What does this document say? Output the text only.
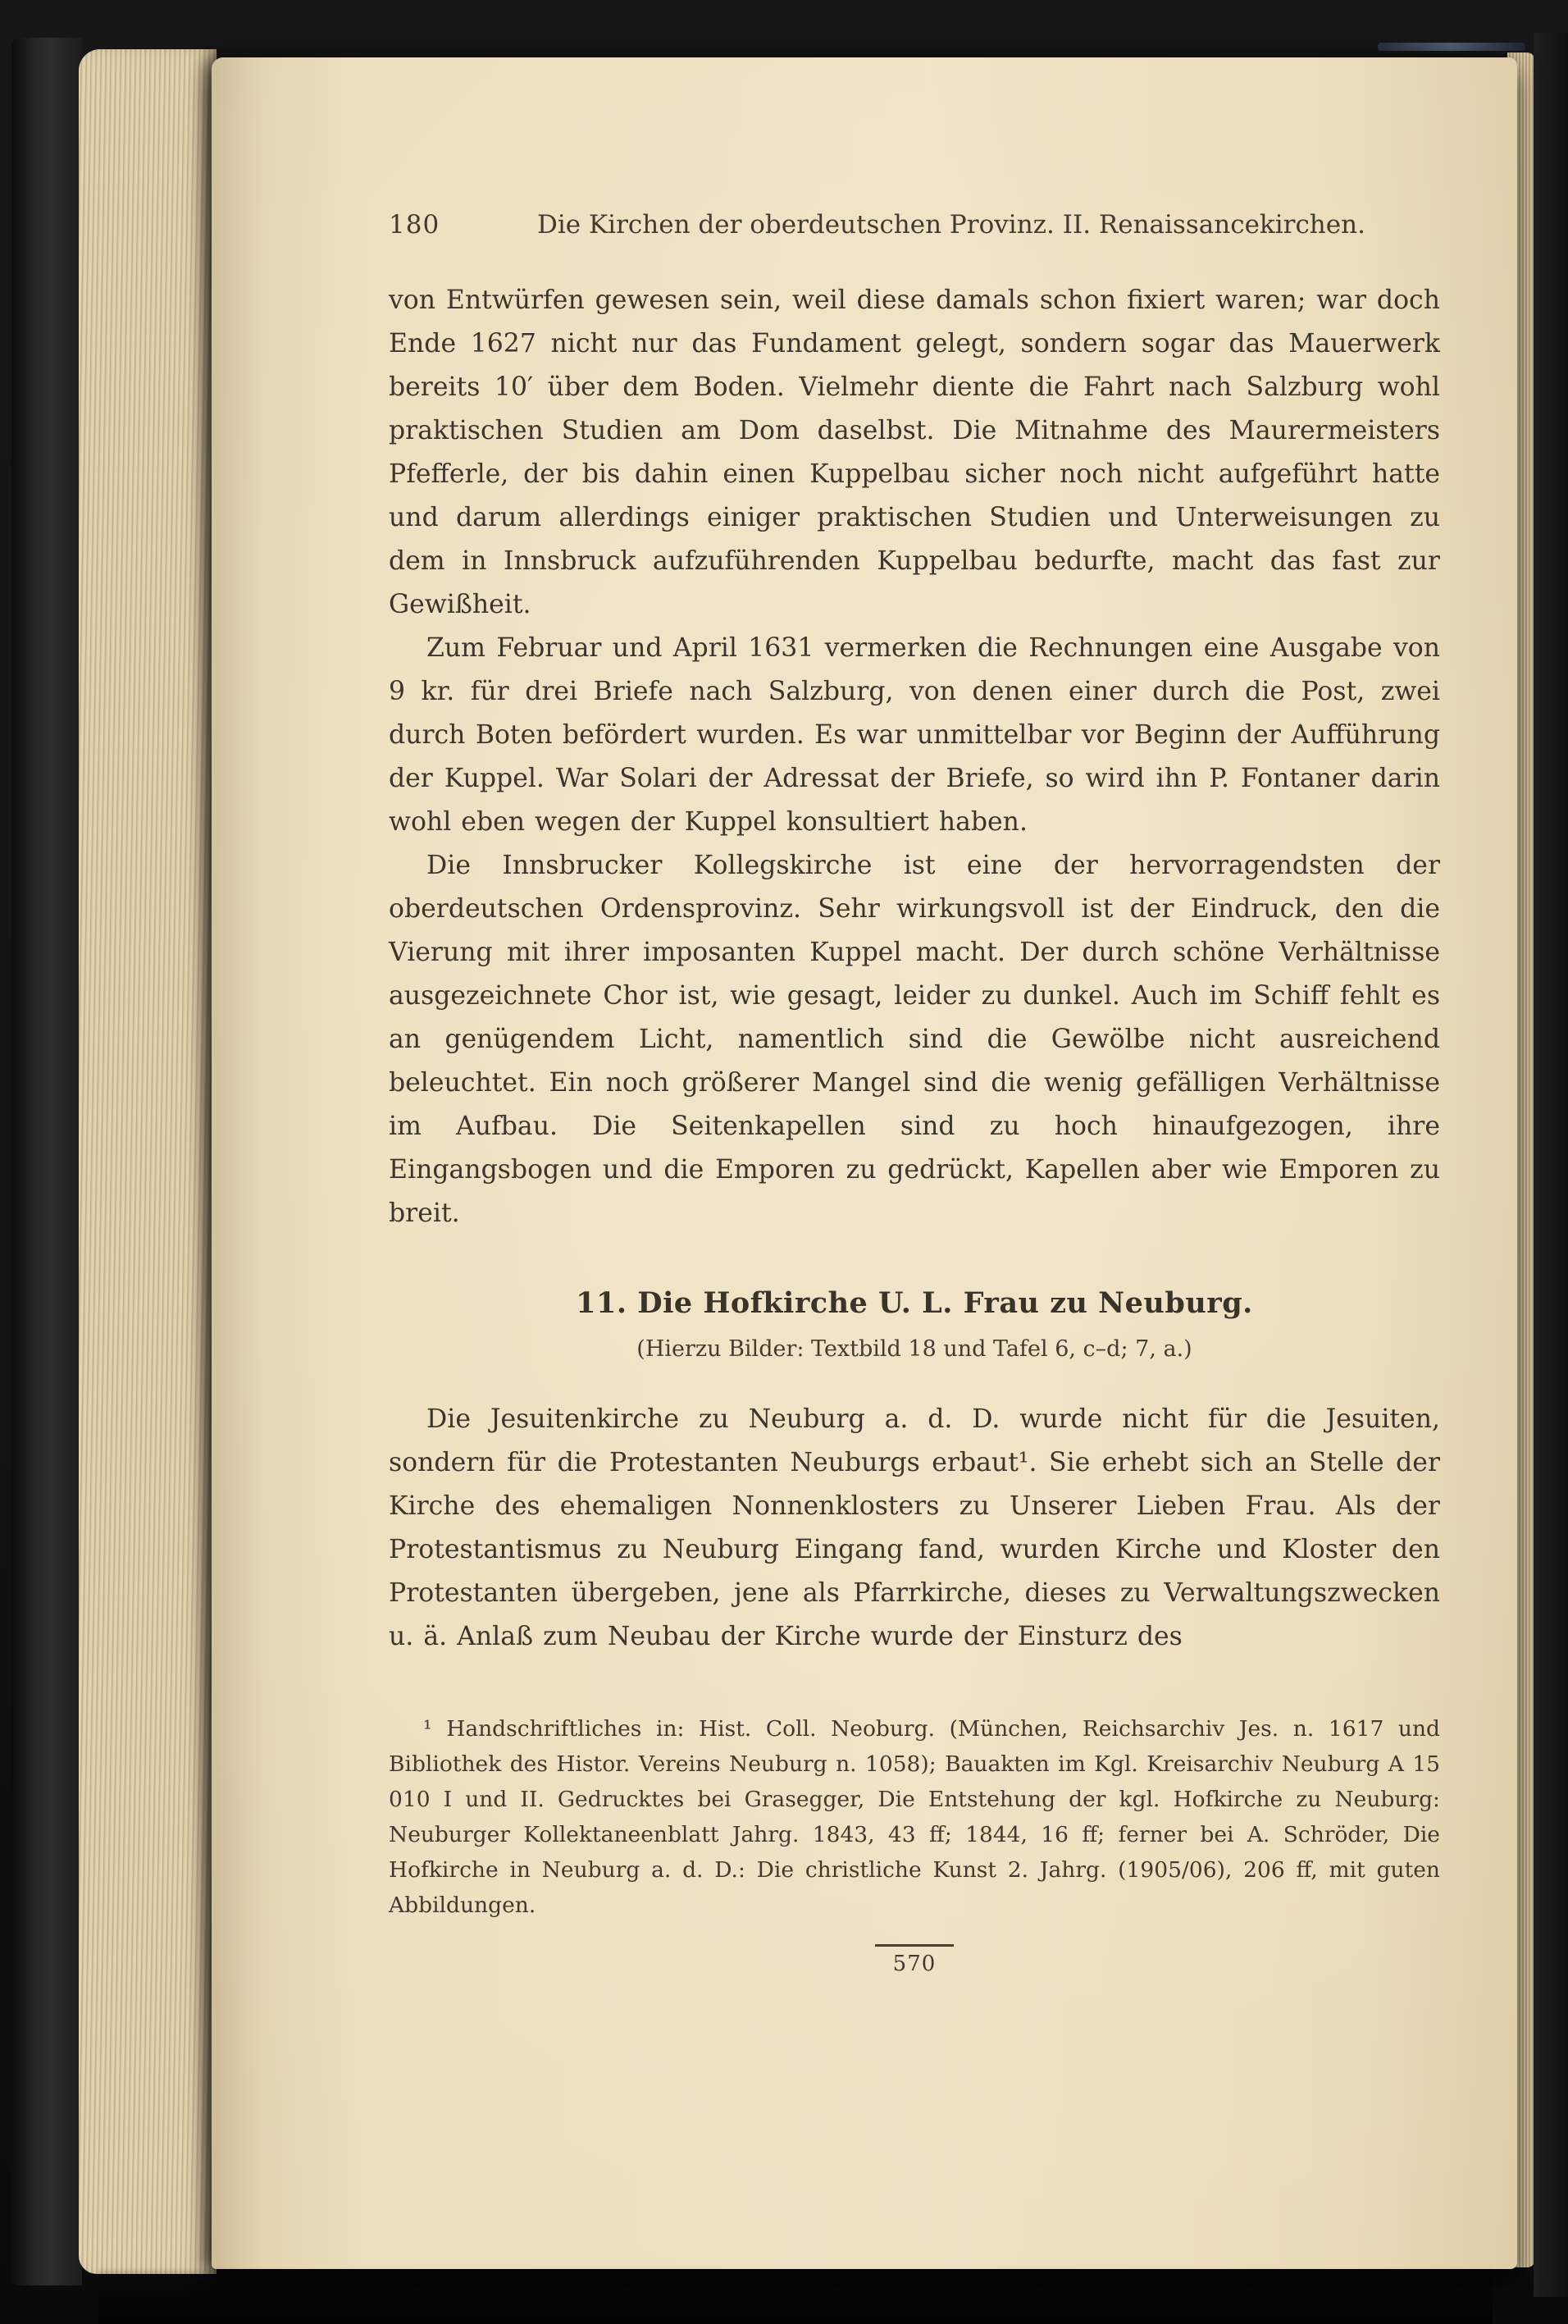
180	Die Kirchen der oberdeutschen Provinz. II. Renaissancekirchen.

von Entwürfen gewesen sein, weil diese damals schon fixiert waren; war doch Ende 1627 nicht nur das Fundament gelegt, sondern sogar das Mauerwerk bereits 10′ über dem Boden. Vielmehr diente die Fahrt nach Salzburg wohl praktischen Studien am Dom daselbst. Die Mitnahme des Maurermeisters Pfefferle, der bis dahin einen Kuppelbau sicher noch nicht aufgeführt hatte und darum allerdings einiger praktischen Studien und Unterweisungen zu dem in Innsbruck aufzuführenden Kuppelbau bedurfte, macht das fast zur Gewißheit.

Zum Februar und April 1631 vermerken die Rechnungen eine Ausgabe von 9 kr. für drei Briefe nach Salzburg, von denen einer durch die Post, zwei durch Boten befördert wurden. Es war unmittelbar vor Beginn der Aufführung der Kuppel. War Solari der Adressat der Briefe, so wird ihn P. Fontaner darin wohl eben wegen der Kuppel konsultiert haben.

Die Innsbrucker Kollegskirche ist eine der hervorragendsten der oberdeutschen Ordensprovinz. Sehr wirkungsvoll ist der Eindruck, den die Vierung mit ihrer imposanten Kuppel macht. Der durch schöne Verhältnisse ausgezeichnete Chor ist, wie gesagt, leider zu dunkel. Auch im Schiff fehlt es an genügendem Licht, namentlich sind die Gewölbe nicht ausreichend beleuchtet. Ein noch größerer Mangel sind die wenig gefälligen Verhältnisse im Aufbau. Die Seitenkapellen sind zu hoch hinaufgezogen, ihre Eingangsbogen und die Emporen zu gedrückt, Kapellen aber wie Emporen zu breit.

11. Die Hofkirche U. L. Frau zu Neuburg.
(Hierzu Bilder: Textbild 18 und Tafel 6, c–d; 7, a.)

Die Jesuitenkirche zu Neuburg a. d. D. wurde nicht für die Jesuiten, sondern für die Protestanten Neuburgs erbaut¹. Sie erhebt sich an Stelle der Kirche des ehemaligen Nonnenklosters zu Unserer Lieben Frau. Als der Protestantismus zu Neuburg Eingang fand, wurden Kirche und Kloster den Protestanten übergeben, jene als Pfarrkirche, dieses zu Verwaltungszwecken u. ä. Anlaß zum Neubau der Kirche wurde der Einsturz des

¹ Handschriftliches in: Hist. Coll. Neoburg. (München, Reichsarchiv Jes. n. 1617 und Bibliothek des Histor. Vereins Neuburg n. 1058); Bauakten im Kgl. Kreisarchiv Neuburg A 15 010 I und II. Gedrucktes bei Grasegger, Die Entstehung der kgl. Hofkirche zu Neuburg: Neuburger Kollektaneenblatt Jahrg. 1843, 43 ff; 1844, 16 ff; ferner bei A. Schröder, Die Hofkirche in Neuburg a. d. D.: Die christliche Kunst 2. Jahrg. (1905/06), 206 ff, mit guten Abbildungen.
570
